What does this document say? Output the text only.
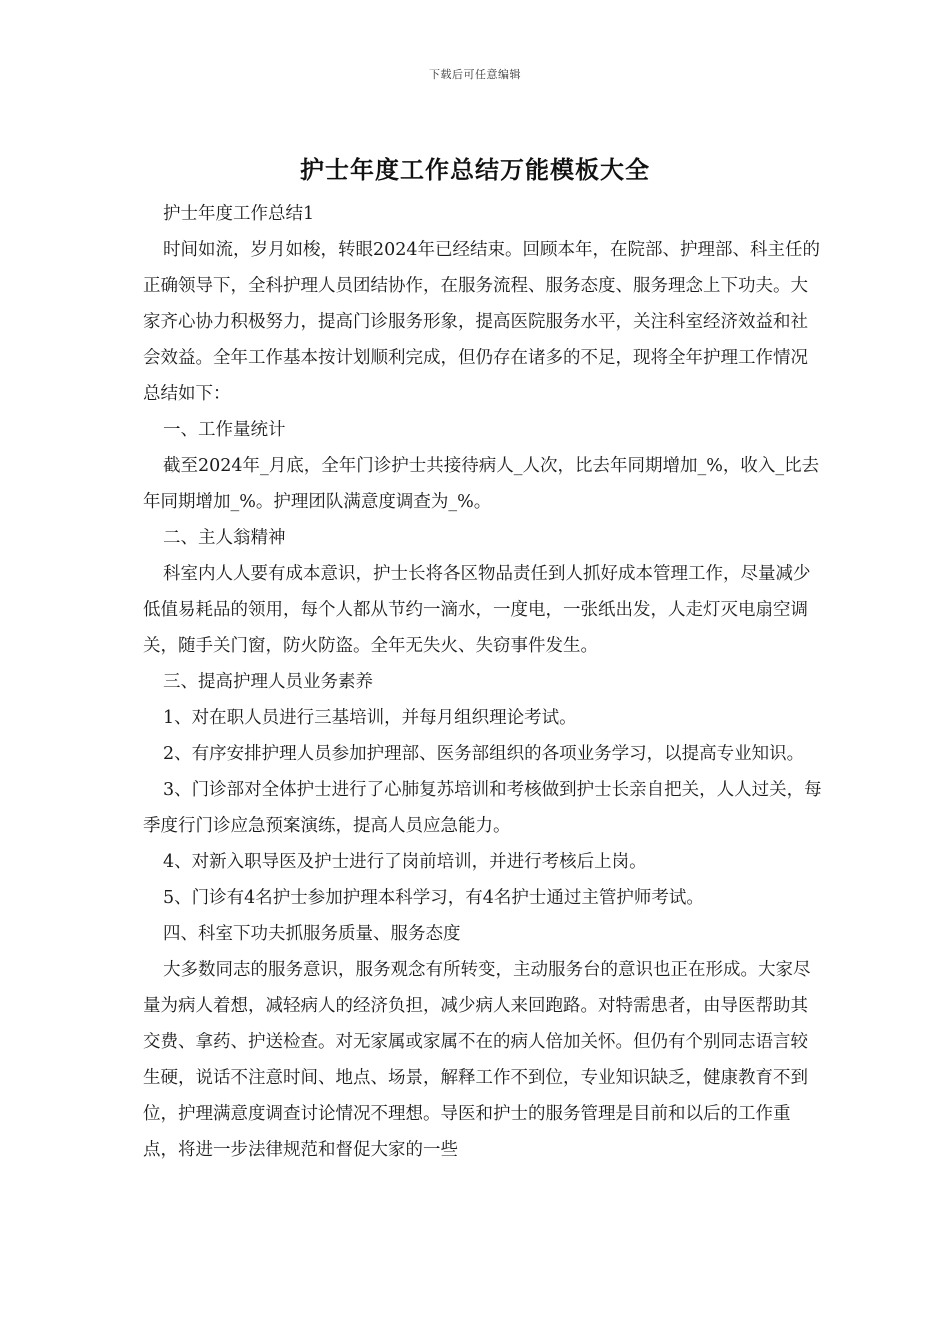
下载后可任意编辑
护士年度工作总结万能模板大全

护士年度工作总结1

时间如流，岁月如梭，转眼2024年已经结束。回顾本年，在院部、护理部、科主任的正确领导下，全科护理人员团结协作，在服务流程、服务态度、服务理念上下功夫。大家齐心协力积极努力，提高门诊服务形象，提高医院服务水平，关注科室经济效益和社会效益。全年工作基本按计划顺利完成，但仍存在诸多的不足，现将全年护理工作情况总结如下：

一、工作量统计

截至2024年_月底，全年门诊护士共接待病人_人次，比去年同期增加_%，收入_比去年同期增加_%。护理团队满意度调查为_%。

二、主人翁精神

科室内人人要有成本意识，护士长将各区物品责任到人抓好成本管理工作，尽量减少低值易耗品的领用，每个人都从节约一滴水，一度电，一张纸出发，人走灯灭电扇空调关，随手关门窗，防火防盗。全年无失火、失窃事件发生。

三、提高护理人员业务素养

1、对在职人员进行三基培训，并每月组织理论考试。

2、有序安排护理人员参加护理部、医务部组织的各项业务学习，以提高专业知识。

3、门诊部对全体护士进行了心肺复苏培训和考核做到护士长亲自把关，人人过关，每季度行门诊应急预案演练，提高人员应急能力。

4、对新入职导医及护士进行了岗前培训，并进行考核后上岗。

5、门诊有4名护士参加护理本科学习，有4名护士通过主管护师考试。

四、科室下功夫抓服务质量、服务态度

大多数同志的服务意识，服务观念有所转变，主动服务台的意识也正在形成。大家尽量为病人着想，减轻病人的经济负担，减少病人来回跑路。对特需患者，由导医帮助其交费、拿药、护送检查。对无家属或家属不在的病人倍加关怀。但仍有个别同志语言较生硬，说话不注意时间、地点、场景，解释工作不到位，专业知识缺乏，健康教育不到位，护理满意度调查讨论情况不理想。导医和护士的服务管理是目前和以后的工作重点，将进一步法律规范和督促大家的一些
